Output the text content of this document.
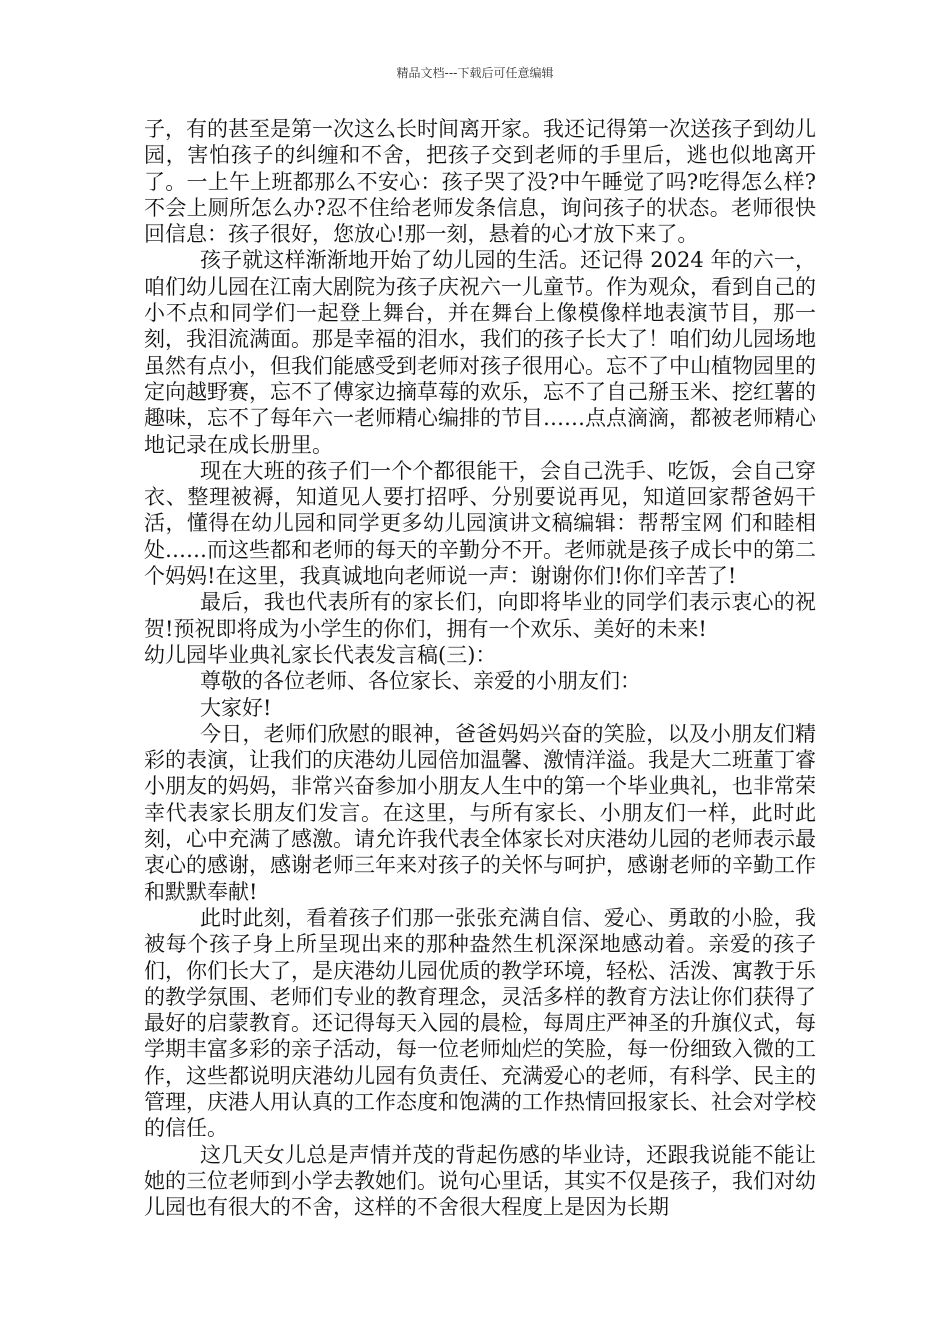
精品文档---下载后可任意编辑

子，有的甚至是第一次这么长时间离开家。我还记得第一次送孩子到幼儿园，害怕孩子的纠缠和不舍，把孩子交到老师的手里后，逃也似地离开了。一上午上班都那么不安心：孩子哭了没?中午睡觉了吗?吃得怎么样?不会上厕所怎么办?忍不住给老师发条信息，询问孩子的状态。老师很快回信息：孩子很好，您放心!那一刻，悬着的心才放下来了。

孩子就这样渐渐地开始了幼儿园的生活。还记得 2024 年的六一，咱们幼儿园在江南大剧院为孩子庆祝六一儿童节。作为观众，看到自己的小不点和同学们一起登上舞台，并在舞台上像模像样地表演节目，那一刻，我泪流满面。那是幸福的泪水，我们的孩子长大了！咱们幼儿园场地虽然有点小，但我们能感受到老师对孩子很用心。忘不了中山植物园里的定向越野赛，忘不了傅家边摘草莓的欢乐，忘不了自己掰玉米、挖红薯的趣味，忘不了每年六一老师精心编排的节目……点点滴滴，都被老师精心地记录在成长册里。

现在大班的孩子们一个个都很能干，会自己洗手、吃饭，会自己穿衣、整理被褥，知道见人要打招呼、分别要说再见，知道回家帮爸妈干活，懂得在幼儿园和同学更多幼儿园演讲文稿编辑：帮帮宝网 们和睦相处……而这些都和老师的每天的辛勤分不开。老师就是孩子成长中的第二个妈妈!在这里，我真诚地向老师说一声：谢谢你们!你们辛苦了!

最后，我也代表所有的家长们，向即将毕业的同学们表示衷心的祝贺!预祝即将成为小学生的你们，拥有一个欢乐、美好的未来!

幼儿园毕业典礼家长代表发言稿(三)：

尊敬的各位老师、各位家长、亲爱的小朋友们：

大家好!

今日，老师们欣慰的眼神，爸爸妈妈兴奋的笑脸，以及小朋友们精彩的表演，让我们的庆港幼儿园倍加温馨、激情洋溢。我是大二班董丁睿小朋友的妈妈，非常兴奋参加小朋友人生中的第一个毕业典礼，也非常荣幸代表家长朋友们发言。在这里，与所有家长、小朋友们一样，此时此刻，心中充满了感激。请允许我代表全体家长对庆港幼儿园的老师表示最衷心的感谢，感谢老师三年来对孩子的关怀与呵护，感谢老师的辛勤工作和默默奉献!

此时此刻，看着孩子们那一张张充满自信、爱心、勇敢的小脸，我被每个孩子身上所呈现出来的那种盎然生机深深地感动着。亲爱的孩子们，你们长大了，是庆港幼儿园优质的教学环境，轻松、活泼、寓教于乐的教学氛围、老师们专业的教育理念，灵活多样的教育方法让你们获得了最好的启蒙教育。还记得每天入园的晨检，每周庄严神圣的升旗仪式，每学期丰富多彩的亲子活动，每一位老师灿烂的笑脸，每一份细致入微的工作，这些都说明庆港幼儿园有负责任、充满爱心的老师，有科学、民主的管理，庆港人用认真的工作态度和饱满的工作热情回报家长、社会对学校的信任。

这几天女儿总是声情并茂的背起伤感的毕业诗，还跟我说能不能让她的三位老师到小学去教她们。说句心里话，其实不仅是孩子，我们对幼儿园也有很大的不舍，这样的不舍很大程度上是因为长期
